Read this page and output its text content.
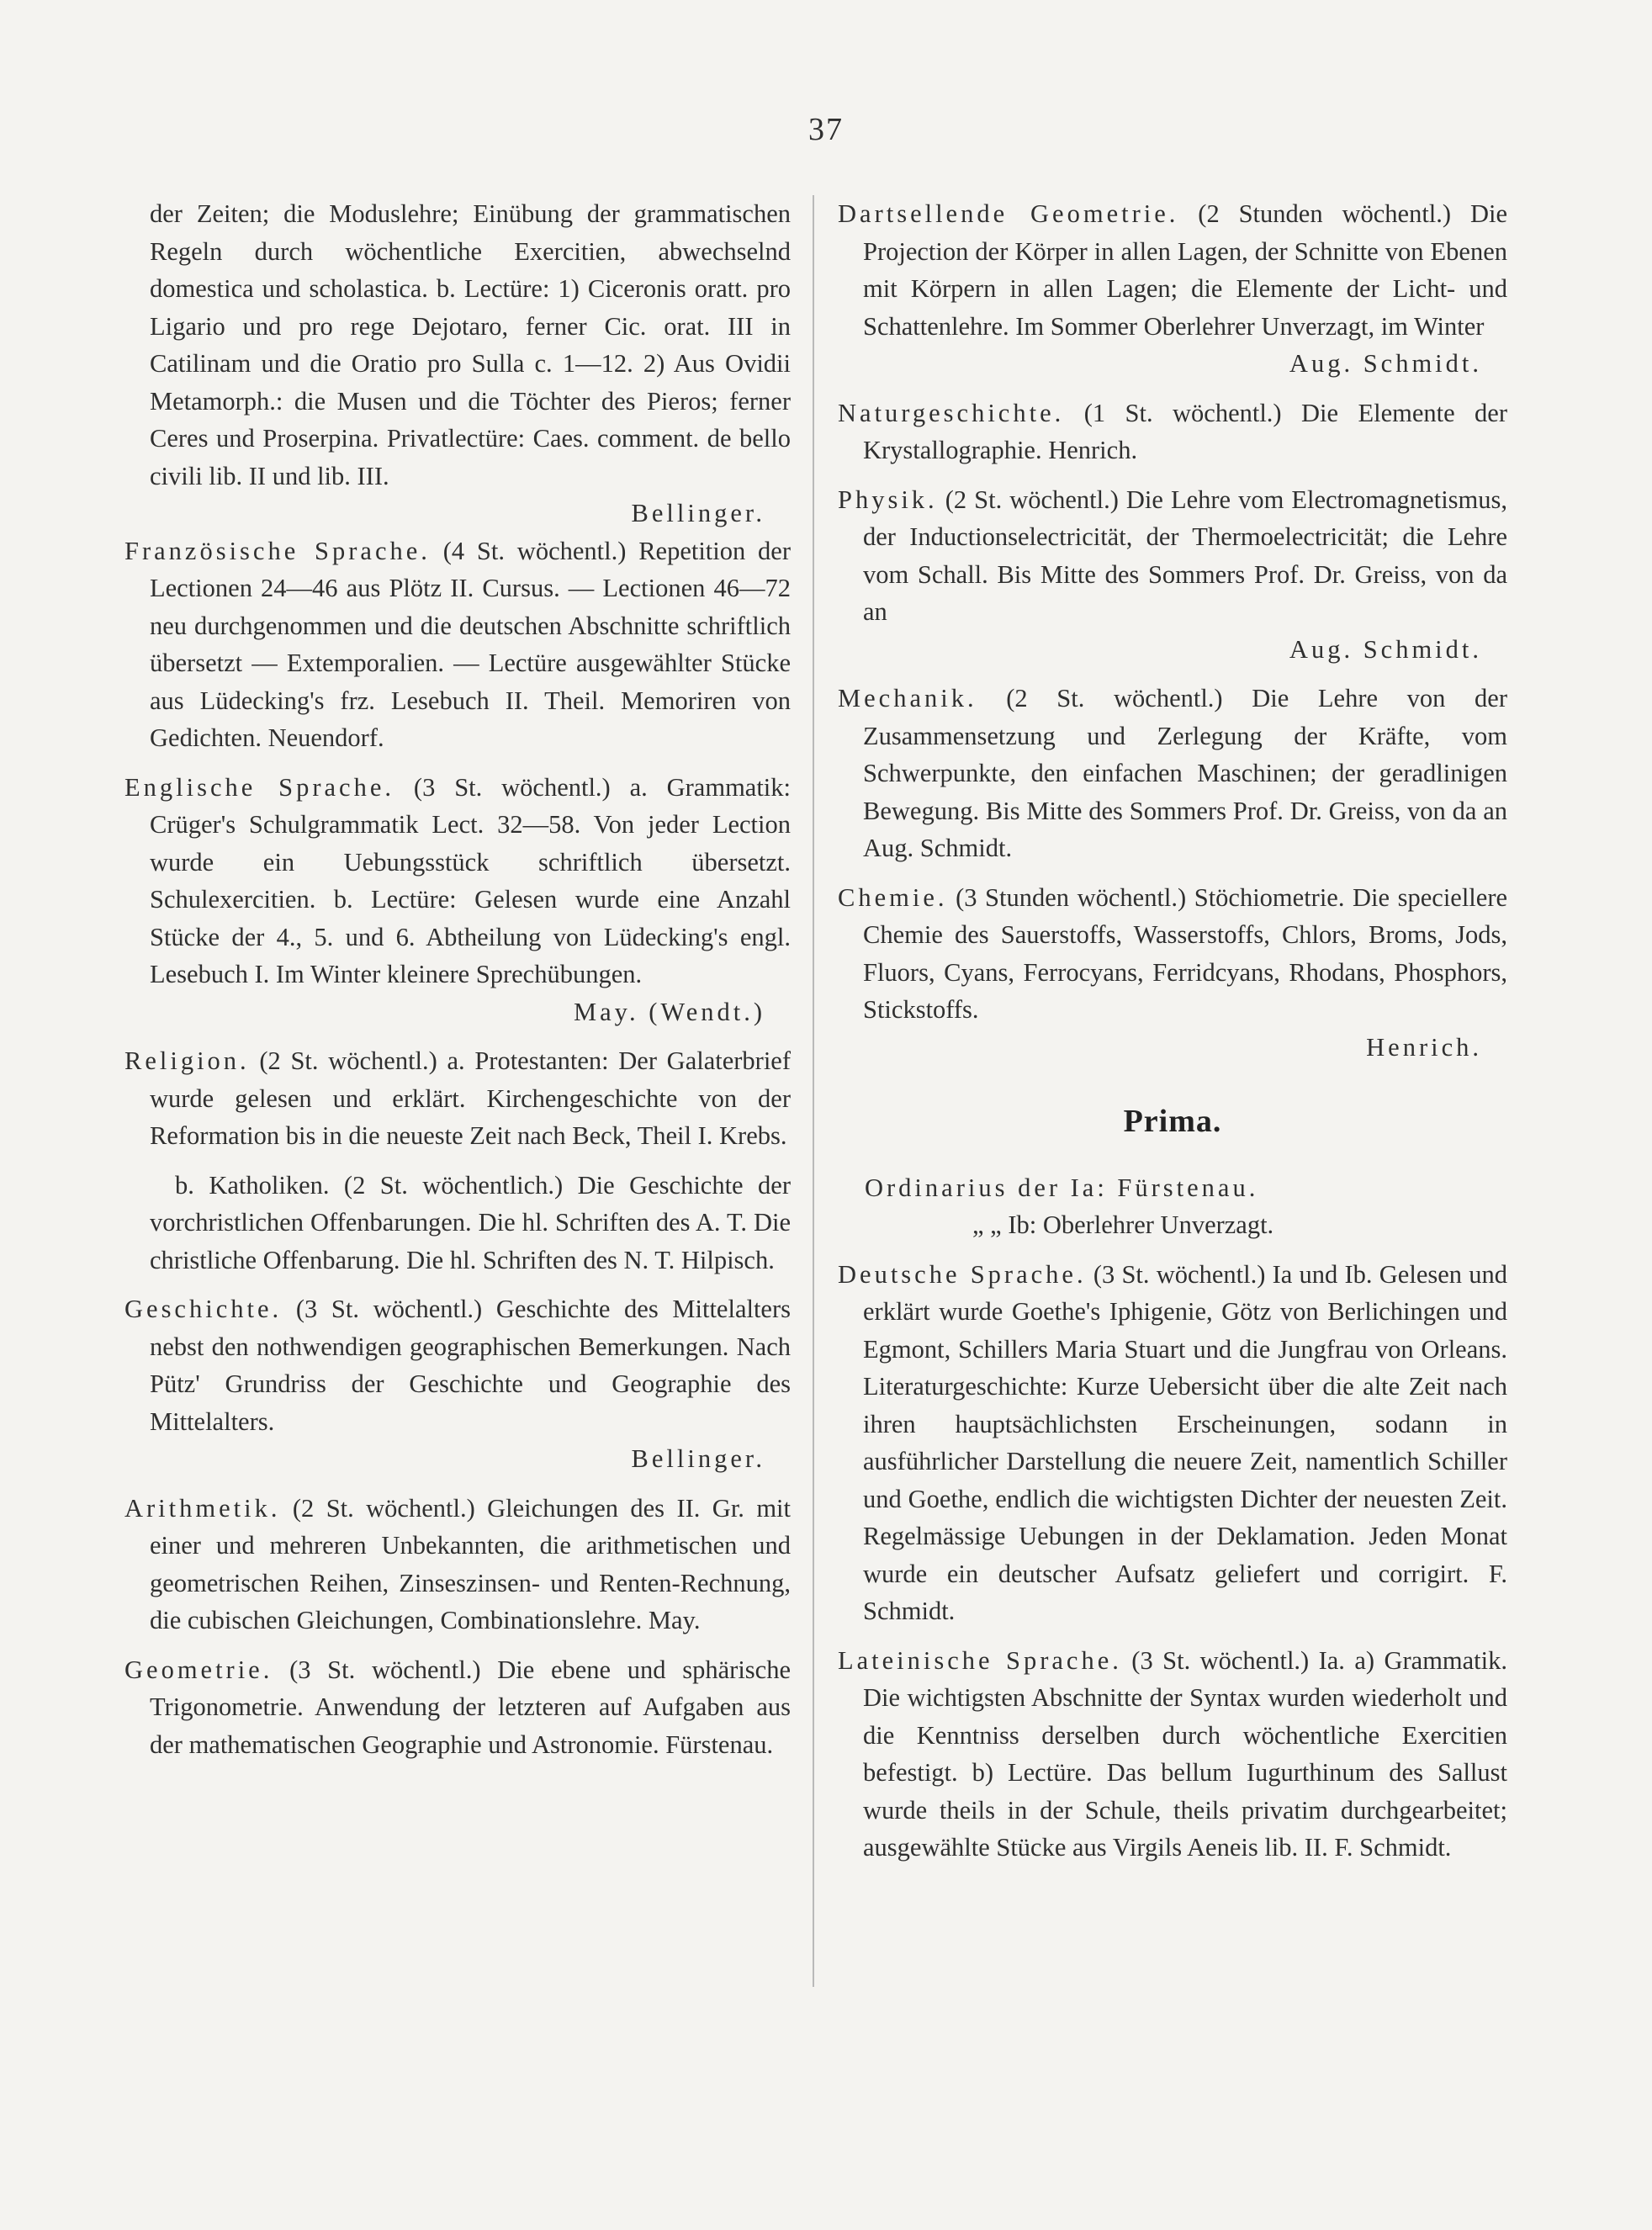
37

der Zeiten; die Moduslehre; Einübung der grammatischen Regeln durch wöchentliche Exercitien, abwechselnd domestica und scholastica. b. Lectüre: 1) Ciceronis oratt. pro Ligario und pro rege Dejotaro, ferner Cic. orat. III in Catilinam und die Oratio pro Sulla c. 1—12. 2) Aus Ovidii Metamorph.: die Musen und die Töchter des Pieros; ferner Ceres und Proserpina. Privatlectüre: Caes. comment. de bello civili lib. II und lib. III.
Bellinger.

Französische Sprache. (4 St. wöchentl.) Repetition der Lectionen 24—46 aus Plötz II. Cursus. — Lectionen 46—72 neu durchgenommen und die deutschen Abschnitte schriftlich übersetzt — Extemporalien. — Lectüre ausgewählter Stücke aus Lüdecking's frz. Lesebuch II. Theil. Memoriren von Gedichten. Neuendorf.

Englische Sprache. (3 St. wöchentl.) a. Grammatik: Crüger's Schulgrammatik Lect. 32—58. Von jeder Lection wurde ein Uebungsstück schriftlich übersetzt. Schulexercitien. b. Lectüre: Gelesen wurde eine Anzahl Stücke der 4., 5. und 6. Abtheilung von Lüdecking's engl. Lesebuch I. Im Winter kleinere Sprechübungen.
May. (Wendt.)

Religion. (2 St. wöchentl.) a. Protestanten: Der Galaterbrief wurde gelesen und erklärt. Kirchengeschichte von der Reformation bis in die neueste Zeit nach Beck, Theil I. Krebs.

b. Katholiken. (2 St. wöchentlich.) Die Geschichte der vorchristlichen Offenbarungen. Die hl. Schriften des A. T. Die christliche Offenbarung. Die hl. Schriften des N. T. Hilpisch.

Geschichte. (3 St. wöchentl.) Geschichte des Mittelalters nebst den nothwendigen geographischen Bemerkungen. Nach Pütz' Grundriss der Geschichte und Geographie des Mittelalters.
Bellinger.

Arithmetik. (2 St. wöchentl.) Gleichungen des II. Gr. mit einer und mehreren Unbekannten, die arithmetischen und geometrischen Reihen, Zinseszinsen- und Renten-Rechnung, die cubischen Gleichungen, Combinationslehre. May.

Geometrie. (3 St. wöchentl.) Die ebene und sphärische Trigonometrie. Anwendung der letzteren auf Aufgaben aus der mathematischen Geographie und Astronomie. Fürstenau.

Dartsellende Geometrie. (2 Stunden wöchentl.) Die Projection der Körper in allen Lagen, der Schnitte von Ebenen mit Körpern in allen Lagen; die Elemente der Licht- und Schattenlehre. Im Sommer Oberlehrer Unverzagt, im Winter
Aug. Schmidt.

Naturgeschichte. (1 St. wöchentl.) Die Elemente der Krystallographie. Henrich.

Physik. (2 St. wöchentl.) Die Lehre vom Electromagnetismus, der Inductionselectricität, der Thermoelectricität; die Lehre vom Schall. Bis Mitte des Sommers Prof. Dr. Greiss, von da an
Aug. Schmidt.

Mechanik. (2 St. wöchentl.) Die Lehre von der Zusammensetzung und Zerlegung der Kräfte, vom Schwerpunkte, den einfachen Maschinen; der geradlinigen Bewegung. Bis Mitte des Sommers Prof. Dr. Greiss, von da an Aug. Schmidt.

Chemie. (3 Stunden wöchentl.) Stöchiometrie. Die speciellere Chemie des Sauerstoffs, Wasserstoffs, Chlors, Broms, Jods, Fluors, Cyans, Ferrocyans, Ferridcyans, Rhodans, Phosphors, Stickstoffs.
Henrich.

Prima.

Ordinarius der Ia: Fürstenau.

„ „ Ib: Oberlehrer Unverzagt.

Deutsche Sprache. (3 St. wöchentl.) Ia und Ib. Gelesen und erklärt wurde Goethe's Iphigenie, Götz von Berlichingen und Egmont, Schillers Maria Stuart und die Jungfrau von Orleans. Literaturgeschichte: Kurze Uebersicht über die alte Zeit nach ihren hauptsächlichsten Erscheinungen, sodann in ausführlicher Darstellung die neuere Zeit, namentlich Schiller und Goethe, endlich die wichtigsten Dichter der neuesten Zeit. Regelmässige Uebungen in der Deklamation. Jeden Monat wurde ein deutscher Aufsatz geliefert und corrigirt. F. Schmidt.

Lateinische Sprache. (3 St. wöchentl.) Ia. a) Grammatik. Die wichtigsten Abschnitte der Syntax wurden wiederholt und die Kenntniss derselben durch wöchentliche Exercitien befestigt. b) Lectüre. Das bellum Iugurthinum des Sallust wurde theils in der Schule, theils privatim durchgearbeitet; ausgewählte Stücke aus Virgils Aeneis lib. II. F. Schmidt.
